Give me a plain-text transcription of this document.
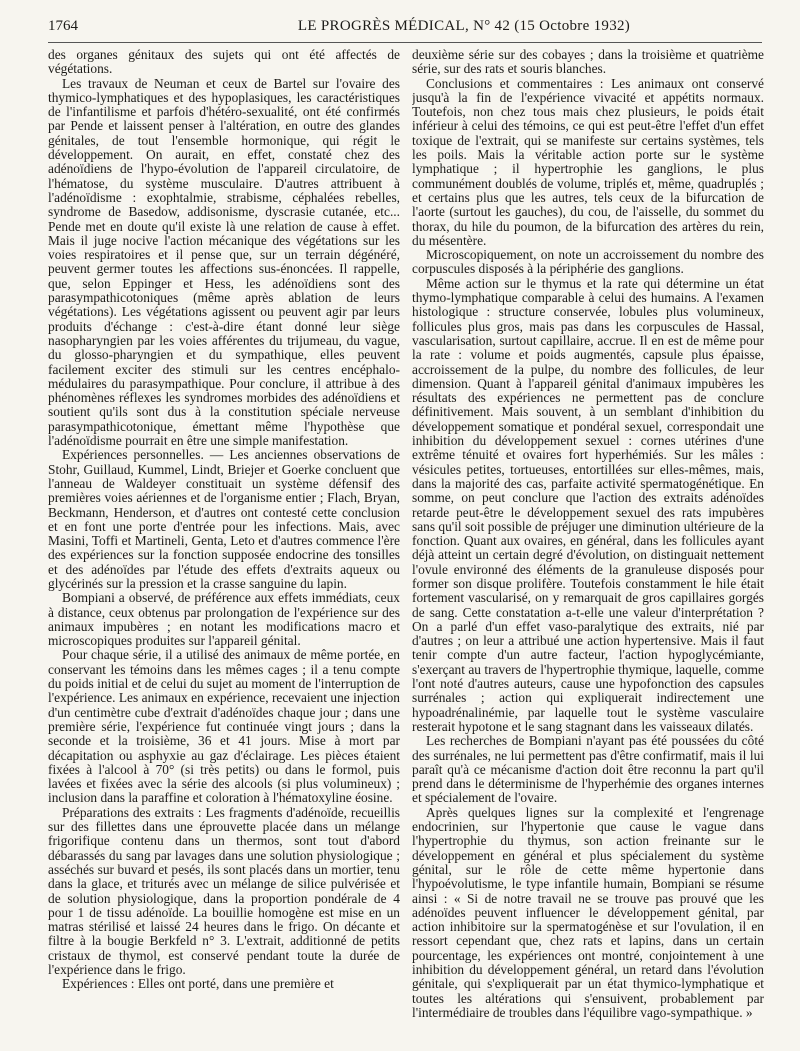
1764	LE PROGRÈS MÉDICAL, N° 42 (15 Octobre 1932)

des organes génitaux des sujets qui ont été affectés de végétations.

Les travaux de Neuman et ceux de Bartel sur l'ovaire des thymico-lymphatiques et des hypoplasiques, les caractéristiques de l'infantilisme et parfois d'hétéro-sexualité, ont été confirmés par Pende et laissent penser à l'altération, en outre des glandes génitales, de tout l'ensemble hormonique, qui régit le développement. On aurait, en effet, constaté chez des adénoïdiens de l'hypo-évolution de l'appareil circulatoire, de l'hématose, du système musculaire. D'autres attribuent à l'adénoïdisme : exophtalmie, strabisme, céphalées rebelles, syndrome de Basedow, addisonisme, dyscrasie cutanée, etc... Pende met en doute qu'il existe là une relation de cause à effet. Mais il juge nocive l'action mécanique des végétations sur les voies respiratoires et il pense que, sur un terrain dégénéré, peuvent germer toutes les affections sus-énoncées. Il rappelle, que, selon Eppinger et Hess, les adénoïdiens sont des parasympathicotoniques (même après ablation de leurs végétations). Les végétations agissent ou peuvent agir par leurs produits d'échange : c'est-à-dire étant donné leur siège nasopharyngien par les voies afférentes du trijumeau, du vague, du glosso-pharyngien et du sympathique, elles peuvent facilement exciter des stimuli sur les centres encéphalo-médulaires du parasympathique. Pour conclure, il attribue à des phénomènes réflexes les syndromes morbides des adénoïdiens et soutient qu'ils sont dus à la constitution spéciale nerveuse parasympathicotonique, émettant même l'hypothèse que l'adénoïdisme pourrait en être une simple manifestation.

Expériences personnelles. — Les anciennes observations de Stohr, Guillaud, Kummel, Lindt, Briejer et Goerke concluent que l'anneau de Waldeyer constituait un système défensif des premières voies aériennes et de l'organisme entier ; Flach, Bryan, Beckmann, Henderson, et d'autres ont contesté cette conclusion et en font une porte d'entrée pour les infections. Mais, avec Masini, Toffi et Martineli, Genta, Leto et d'autres commence l'ère des expériences sur la fonction supposée endocrine des tonsilles et des adénoïdes par l'étude des effets d'extraits aqueux ou glycérinés sur la pression et la crasse sanguine du lapin.

Bompiani a observé, de préférence aux effets immédiats, ceux à distance, ceux obtenus par prolongation de l'expérience sur des animaux impubères ; en notant les modifications macro et microscopiques produites sur l'appareil génital.

Pour chaque série, il a utilisé des animaux de même portée, en conservant les témoins dans les mêmes cages ; il a tenu compte du poids initial et de celui du sujet au moment de l'interruption de l'expérience. Les animaux en expérience, recevaient une injection d'un centimètre cube d'extrait d'adénoïdes chaque jour ; dans une première série, l'expérience fut continuée vingt jours ; dans la seconde et la troisième, 36 et 41 jours. Mise à mort par décapitation ou asphyxie au gaz d'éclairage. Les pièces étaient fixées à l'alcool à 70° (si très petits) ou dans le formol, puis lavées et fixées avec la série des alcools (si plus volumineux) ; inclusion dans la paraffine et coloration à l'hématoxyline éosine.

Préparations des extraits : Les fragments d'adénoïde, recueillis sur des fillettes dans une éprouvette placée dans un mélange frigorifique contenu dans un thermos, sont tout d'abord débarassés du sang par lavages dans une solution physiologique ; asséchés sur buvard et pesés, ils sont placés dans un mortier, tenu dans la glace, et triturés avec un mélange de silice pulvérisée et de solution physiologique, dans la proportion pondérale de 4 pour 1 de tissu adénoïde. La bouillie homogène est mise en un matras stérilisé et laissé 24 heures dans le frigo. On décante et filtre à la bougie Berkfeld n° 3. L'extrait, additionné de petits cristaux de thymol, est conservé pendant toute la durée de l'expérience dans le frigo.

Expériences : Elles ont porté, dans une première et

deuxième série sur des cobayes ; dans la troisième et quatrième série, sur des rats et souris blanches.

Conclusions et commentaires : Les animaux ont conservé jusqu'à la fin de l'expérience vivacité et appétits normaux. Toutefois, non chez tous mais chez plusieurs, le poids était inférieur à celui des témoins, ce qui est peut-être l'effet d'un effet toxique de l'extrait, qui se manifeste sur certains systèmes, tels les poils. Mais la véritable action porte sur le système lymphatique ; il hypertrophie les ganglions, le plus communément doublés de volume, triplés et, même, quadruplés ; et certains plus que les autres, tels ceux de la bifurcation de l'aorte (surtout les gauches), du cou, de l'aisselle, du sommet du thorax, du hile du poumon, de la bifurcation des artères du rein, du mésentère.

Microscopiquement, on note un accroissement du nombre des corpuscules disposés à la périphérie des ganglions.

Même action sur le thymus et la rate qui détermine un état thymo-lymphatique comparable à celui des humains. A l'examen histologique : structure conservée, lobules plus volumineux, follicules plus gros, mais pas dans les corpuscules de Hassal, vascularisation, surtout capillaire, accrue. Il en est de même pour la rate : volume et poids augmentés, capsule plus épaisse, accroissement de la pulpe, du nombre des follicules, de leur dimension. Quant à l'appareil génital d'animaux impubères les résultats des expériences ne permettent pas de conclure définitivement. Mais souvent, à un semblant d'inhibition du développement somatique et pondéral sexuel, correspondait une inhibition du développement sexuel : cornes utérines d'une extrême ténuité et ovaires fort hyperhémiés. Sur les mâles : vésicules petites, tortueuses, entortillées sur elles-mêmes, mais, dans la majorité des cas, parfaite activité spermatogénétique. En somme, on peut conclure que l'action des extraits adénoïdes retarde peut-être le développement sexuel des rats impubères sans qu'il soit possible de préjuger une diminution ultérieure de la fonction. Quant aux ovaires, en général, dans les follicules ayant déjà atteint un certain degré d'évolution, on distinguait nettement l'ovule environné des éléments de la granuleuse disposés pour former son disque prolifère. Toutefois constamment le hile était fortement vascularisé, on y remarquait de gros capillaires gorgés de sang. Cette constatation a-t-elle une valeur d'interprétation ? On a parlé d'un effet vaso-paralytique des extraits, nié par d'autres ; on leur a attribué une action hypertensive. Mais il faut tenir compte d'un autre facteur, l'action hypoglycémiante, s'exerçant au travers de l'hypertrophie thymique, laquelle, comme l'ont noté d'autres auteurs, cause une hypofonction des capsules surrénales ; action qui expliquerait indirectement une hypoadrénalinémie, par laquelle tout le système vasculaire resterait hypotone et le sang stagnant dans les vaisseaux dilatés.

Les recherches de Bompiani n'ayant pas été poussées du côté des surrénales, ne lui permettent pas d'être confirmatif, mais il lui paraît qu'à ce mécanisme d'action doit être reconnu la part qu'il prend dans le déterminisme de l'hyperhémie des organes internes et spécialement de l'ovaire.

Après quelques lignes sur la complexité et l'engrenage endocrinien, sur l'hypertonie que cause le vague dans l'hypertrophie du thymus, son action freinante sur le développement en général et plus spécialement du système génital, sur le rôle de cette même hypertonie dans l'hypoévolutisme, le type infantile humain, Bompiani se résume ainsi : « Si de notre travail ne se trouve pas prouvé que les adénoïdes peuvent influencer le développement génital, par action inhibitoire sur la spermatogénèse et sur l'ovulation, il en ressort cependant que, chez rats et lapins, dans un certain pourcentage, les expériences ont montré, conjointement à une inhibition du développement général, un retard dans l'évolution génitale, qui s'expliquerait par un état thymico-lymphatique et toutes les altérations qui s'ensuivent, probablement par l'intermédiaire de troubles dans l'équilibre vago-sympathique. »
